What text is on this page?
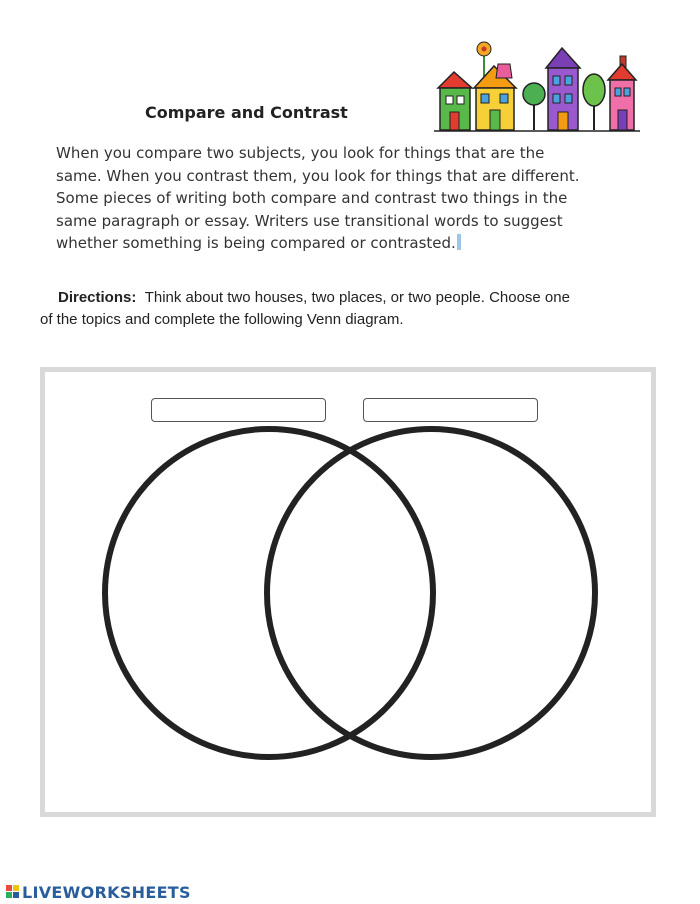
Compare and Contrast
When you compare two subjects, you look for things that are the
same. When you contrast them, you look for things that are different.
Some pieces of writing both compare and contrast two things in the
same paragraph or essay. Writers use transitional words to suggest
whether something is being compared or contrasted.
Directions: Think about two houses, two places, or two people. Choose one
of the topics and complete the following Venn diagram.
LIVEWORKSHEETS
